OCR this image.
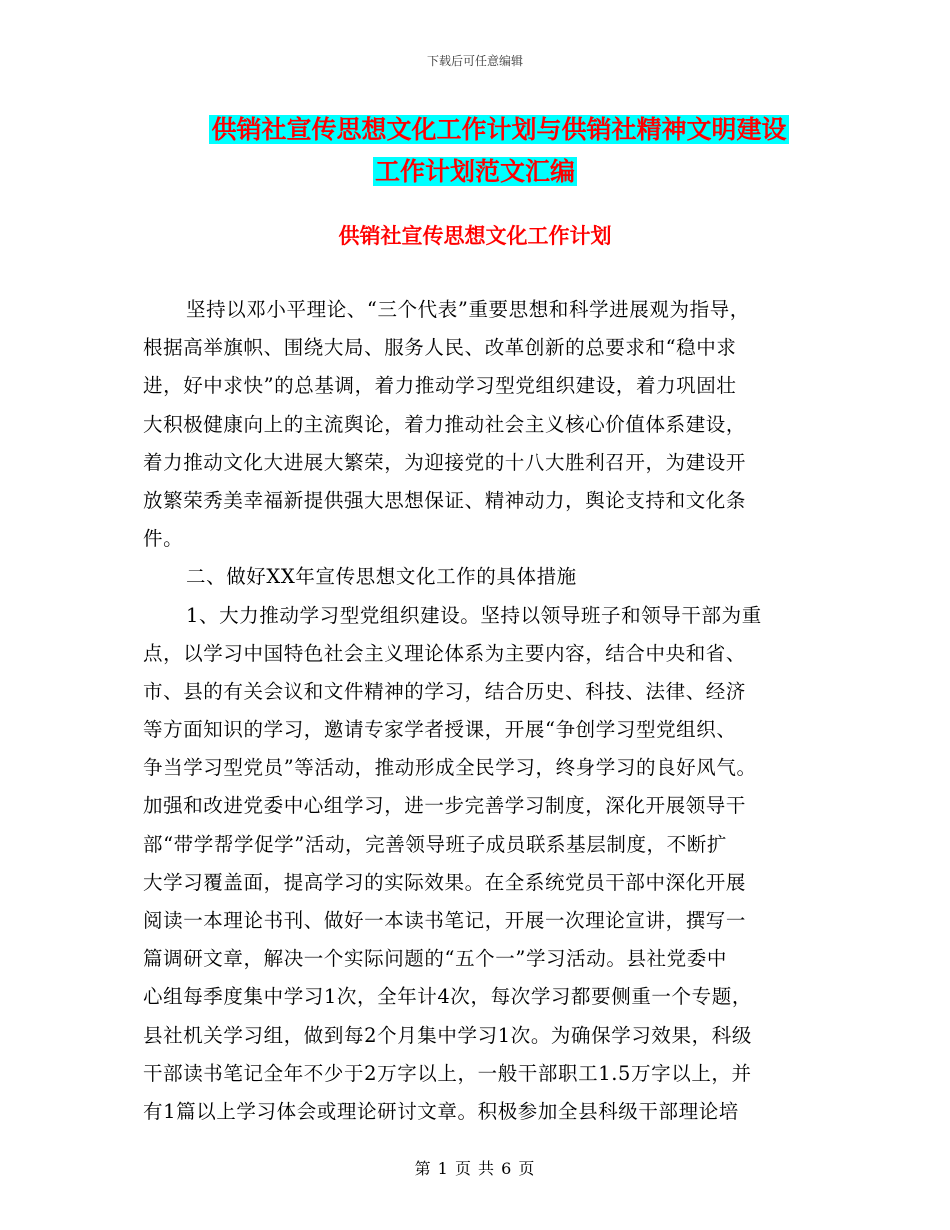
下载后可任意编辑
供销社宣传思想文化工作计划与供销社精神文明建设
工作计划范文汇编
供销社宣传思想文化工作计划
坚持以邓小平理论、“三个代表”重要思想和科学进展观为指导，
根据高举旗帜、围绕大局、服务人民、改革创新的总要求和“稳中求
进，好中求快”的总基调，着力推动学习型党组织建设，着力巩固壮
大积极健康向上的主流舆论，着力推动社会主义核心价值体系建设，
着力推动文化大进展大繁荣，为迎接党的十八大胜利召开，为建设开
放繁荣秀美幸福新提供强大思想保证、精神动力，舆论支持和文化条
件。
二、做好XX年宣传思想文化工作的具体措施
1、大力推动学习型党组织建设。坚持以领导班子和领导干部为重
点，以学习中国特色社会主义理论体系为主要内容，结合中央和省、
市、县的有关会议和文件精神的学习，结合历史、科技、法律、经济
等方面知识的学习，邀请专家学者授课，开展“争创学习型党组织、
争当学习型党员”等活动，推动形成全民学习，终身学习的良好风气。
加强和改进党委中心组学习，进一步完善学习制度，深化开展领导干
部“带学帮学促学”活动，完善领导班子成员联系基层制度，不断扩
大学习覆盖面，提高学习的实际效果。在全系统党员干部中深化开展
阅读一本理论书刊、做好一本读书笔记，开展一次理论宣讲，撰写一
篇调研文章，解决一个实际问题的“五个一”学习活动。县社党委中
心组每季度集中学习1次，全年计4次，每次学习都要侧重一个专题，
县社机关学习组，做到每2个月集中学习1次。为确保学习效果，科级
干部读书笔记全年不少于2万字以上，一般干部职工1.5万字以上，并
有1篇以上学习体会或理论研讨文章。积极参加全县科级干部理论培
第 1 页 共 6 页
